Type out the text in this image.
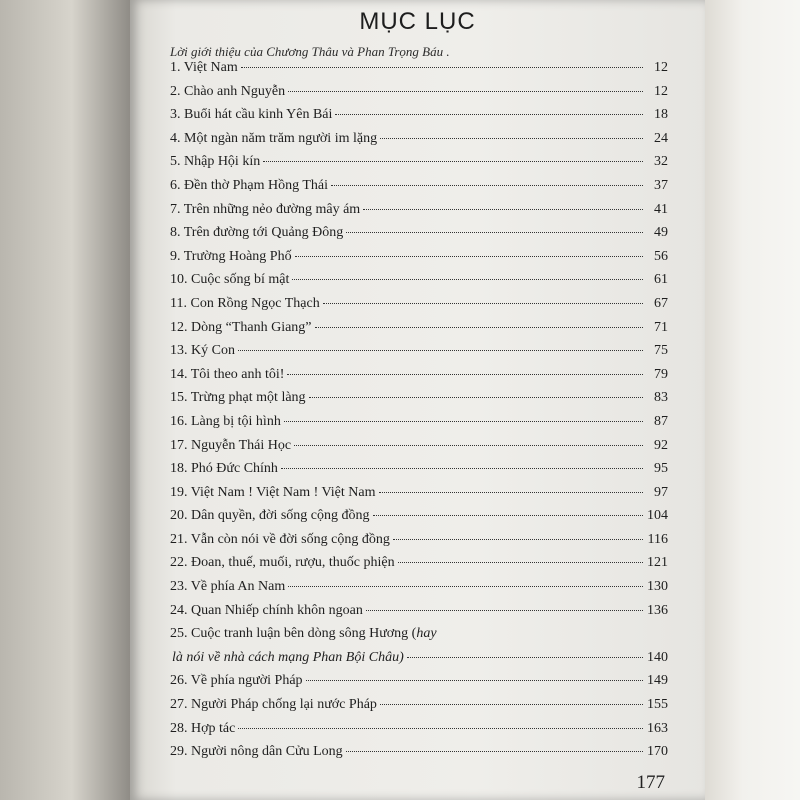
MỤC LỤC
Lời giới thiệu của Chương Thâu và Phan Trọng Báu .
1. Việt Nam	12
2. Chào anh Nguyễn	12
3. Buổi hát cầu kinh Yên Bái	18
4. Một ngàn năm trăm người im lặng	24
5. Nhập Hội kín	32
6. Đền thờ Phạm Hồng Thái	37
7. Trên những nẻo đường mây ám	41
8. Trên đường tới Quảng Đông	49
9. Trường Hoàng Phố	56
10. Cuộc sống bí mật	61
11. Con Rồng Ngọc Thạch	67
12. Dòng “Thanh Giang”	71
13. Ký Con	75
14. Tôi theo anh tôi!	79
15. Trừng phạt một làng	83
16. Làng bị tội hình	87
17. Nguyễn Thái Học	92
18. Phó Đức Chính	95
19. Việt Nam ! Việt Nam ! Việt Nam	97
20. Dân quyền, đời sống cộng đồng	104
21. Vẫn còn nói về đời sống cộng đồng	116
22. Đoan, thuế, muối, rượu, thuốc phiện	121
23. Về phía An Nam	130
24. Quan Nhiếp chính khôn ngoan	136
25. Cuộc tranh luận bên dòng sông Hương ( hay
là nói về nhà cách mạng Phan Bội Châu)	140
26. Về phía người Pháp	149
27. Người Pháp chống lại nước Pháp	155
28. Hợp tác	163
29. Người nông dân Cửu Long	170
177
